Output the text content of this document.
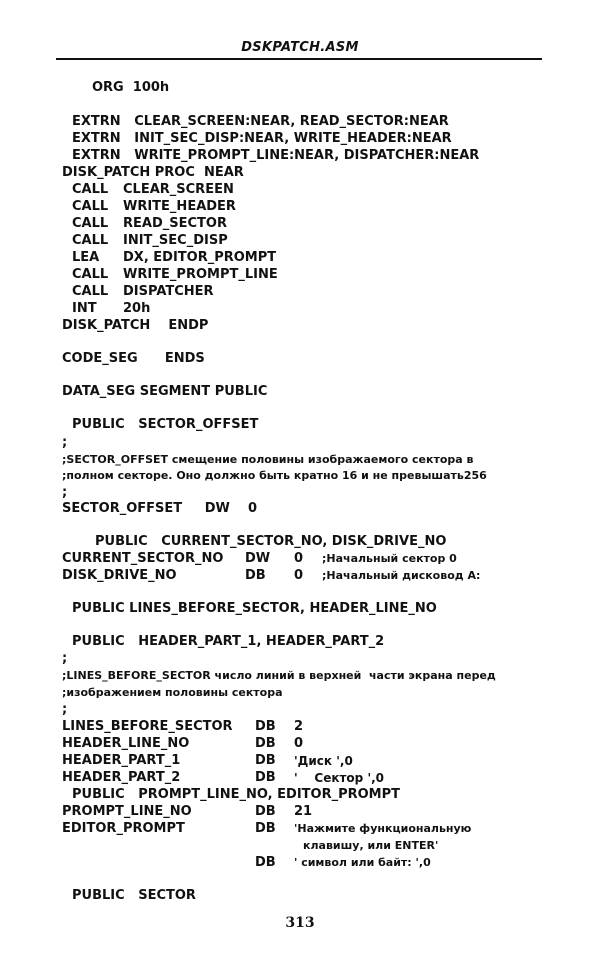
DSKPATCH.ASM
ORG  100h
EXTRN   CLEAR_SCREEN:NEAR, READ_SECTOR:NEAR
EXTRN   INIT_SEC_DISP:NEAR, WRITE_HEADER:NEAR
EXTRN   WRITE_PROMPT_LINE:NEAR, DISPATCHER:NEAR
DISK_PATCH PROC  NEAR

CALL CLEAR_SCREEN

CALL WRITE_HEADER

CALL READ_SECTOR

CALL INIT_SEC_DISP

LEA DX, EDITOR_PROMPT

CALL WRITE_PROMPT_LINE

CALL DISPATCHER

INT 20h

DISK_PATCH    ENDP
CODE_SEG      ENDS
DATA_SEG SEGMENT PUBLIC
PUBLIC   SECTOR_OFFSET
;
;SECTOR_OFFSET смещение половины изображаемого сектора в
;полном секторе. Оно должно быть кратно 16 и не превышать256
;
SECTOR_OFFSET     DW    0
PUBLIC   CURRENT_SECTOR_NO, DISK_DRIVE_NO

CURRENT_SECTOR_NO DW 0 ;Начальный сектор 0

DISK_DRIVE_NO	DB 0 ;Начальный дисковод А:

PUBLIC LINES_BEFORE_SECTOR, HEADER_LINE_NO
PUBLIC   HEADER_PART_1, HEADER_PART_2
;
;LINES_BEFORE_SECTOR число линий в верхней  части экрана перед
;изображением половины сектора
;

LINES_BEFORE_SECTOR DB 2

HEADER_LINE_NO	DB 0

HEADER_PART_1	DB 'Диск ',0

HEADER_PART_2	DB '    Сектор ',0

PUBLIC   PROMPT_LINE_NO, EDITOR_PROMPT

PROMPT_LINE_NO	DB 21

EDITOR_PROMPT	DB 'Нажмите функциональную

клавишу, или ENTER'

DB ' символ или байт: ',0

PUBLIC   SECTOR
313
